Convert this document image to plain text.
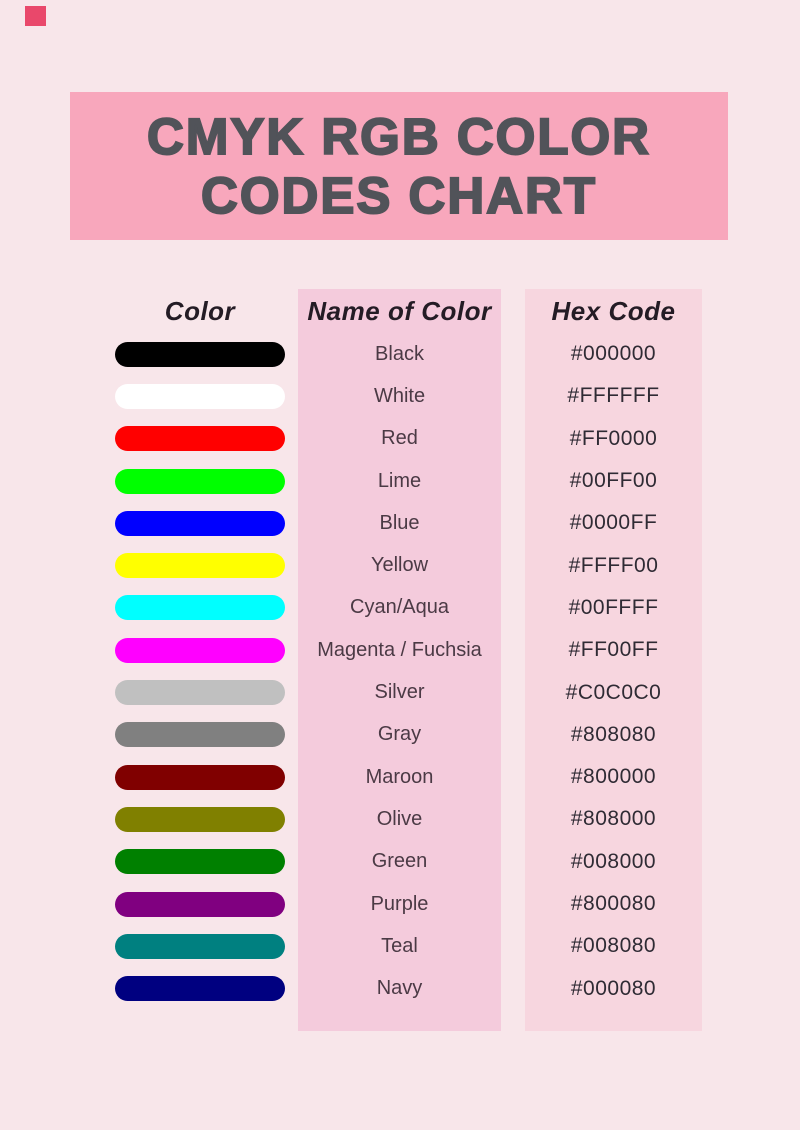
CMYK RGB COLOR
CODES CHART
Color	Name of Color
Black
White
Red
Lime
Blue
Yellow
Cyan/Aqua
Magenta / Fuchsia
Silver
Gray
Maroon
Olive
Green
Purple
Teal
Navy
Hex Code
#000000
#FFFFFF
#FF0000
#00FF00
#0000FF
#FFFF00
#00FFFF
#FF00FF
#C0C0C0
#808080
#800000
#808000
#008000
#800080
#008080
#000080
